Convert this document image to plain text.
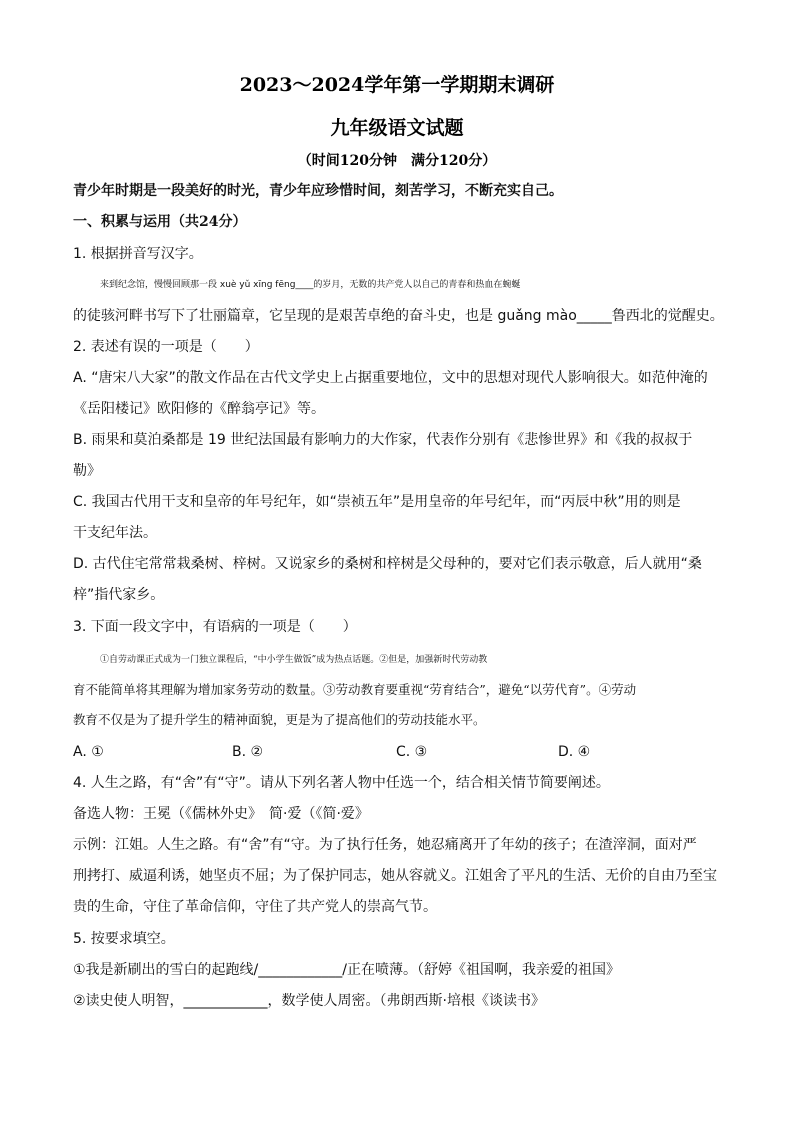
2023～2024学年第一学期期末调研
九年级语文试题
（时间120分钟　满分120分）
青少年时期是一段美好的时光，青少年应珍惜时间，刻苦学习，不断充实自己。
一、积累与运用（共24分）
1. 根据拼音写汉字。
来到纪念馆，慢慢回顾那一段 xuè yǔ xīng fēng____的岁月，无数的共产党人以自己的青春和热血在蜿蜒
的徒骇河畔书写下了壮丽篇章，它呈现的是艰苦卓绝的奋斗史，也是 guǎng mào_____鲁西北的觉醒史。
2. 表述有误的一项是（　　）
A. “唐宋八大家”的散文作品在古代文学史上占据重要地位，文中的思想对现代人影响很大。如范仲淹的
《岳阳楼记》欧阳修的《醉翁亭记》等。
B. 雨果和莫泊桑都是 19 世纪法国最有影响力的大作家，代表作分别有《悲惨世界》和《我的叔叔于
勒》
C. 我国古代用干支和皇帝的年号纪年，如“崇祯五年”是用皇帝的年号纪年，而“丙辰中秋”用的则是
干支纪年法。
D. 古代住宅常常栽桑树、梓树。又说家乡的桑树和梓树是父母种的，要对它们表示敬意，后人就用“桑
梓”指代家乡。
3. 下面一段文字中，有语病的一项是（　　）
①自劳动课正式成为一门独立课程后，“中小学生做饭”成为热点话题。②但是，加强新时代劳动教
育不能简单将其理解为增加家务劳动的数量。③劳动教育要重视“劳育结合”，避免“以劳代育”。④劳动
教育不仅是为了提升学生的精神面貌，更是为了提高他们的劳动技能水平。
A. ①	B. ②	C. ③	D. ④
4. 人生之路，有“舍”有“守”。请从下列名著人物中任选一个，结合相关情节简要阐述。
备选人物：王冕（《儒林外史》　简·爱（《简·爱》
示例：江姐。人生之路。有“舍”有“守。为了执行任务，她忍痛离开了年幼的孩子；在渣滓洞，面对严
刑拷打、威逼利诱，她坚贞不屈；为了保护同志，她从容就义。江姐舍了平凡的生活、无价的自由乃至宝
贵的生命，守住了革命信仰，守住了共产党人的崇高气节。
5. 按要求填空。
①我是新刷出的雪白的起跑线/____________/正在喷薄。（舒婷《祖国啊，我亲爱的祖国》
②读史使人明智，____________，数学使人周密。（弗朗西斯·培根《谈读书》
